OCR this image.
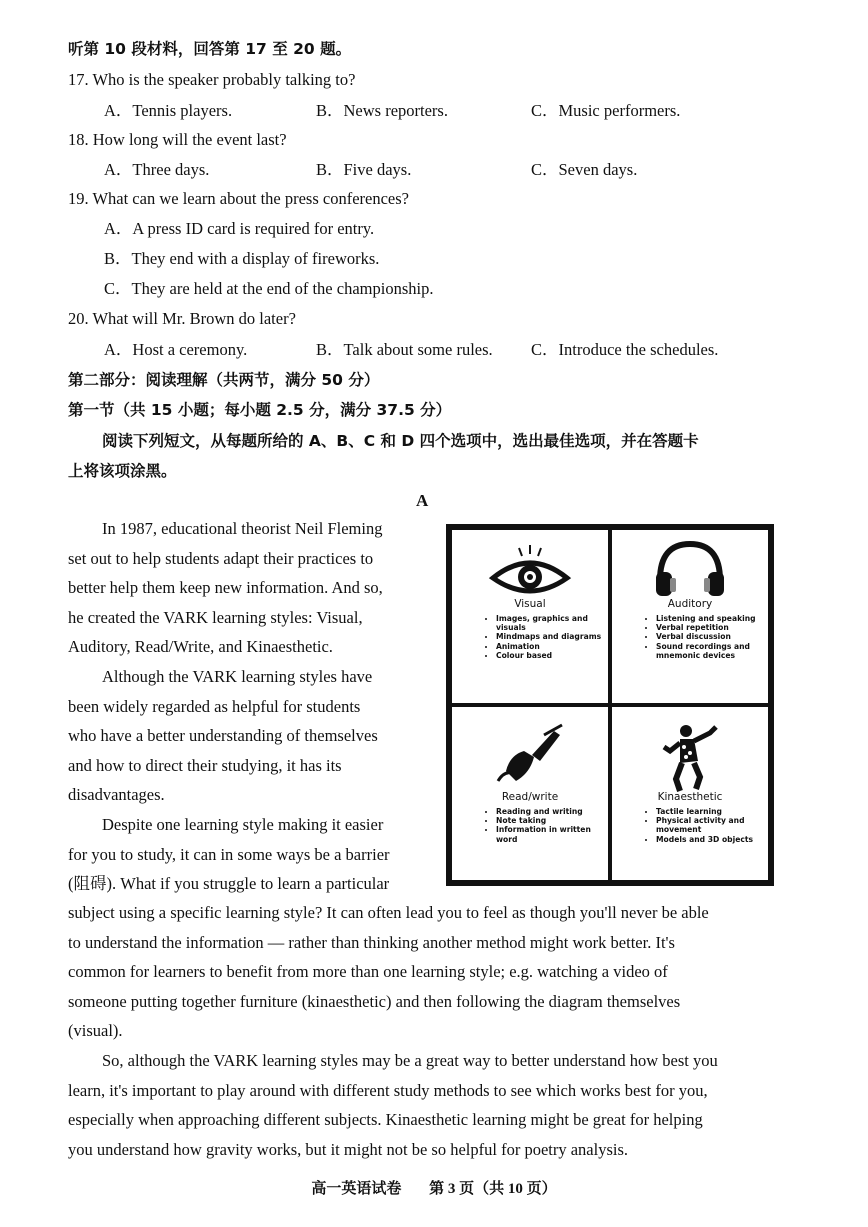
听第 10 段材料，回答第 17 至 20 题。
17. Who is the speaker probably talking to?
A．Tennis players.	B．News reporters.	C．Music performers.
18. How long will the event last?
A．Three days.	B．Five days.	C．Seven days.
19. What can we learn about the press conferences?
A．A press ID card is required for entry.
B．They end with a display of fireworks.
C．They are held at the end of the championship.
20. What will Mr. Brown do later?
A．Host a ceremony.	B．Talk about some rules. C．Introduce the schedules.
第二部分：阅读理解（共两节，满分 50 分）
第一节（共 15 小题；每小题 2.5 分，满分 37.5 分）
阅读下列短文，从每题所给的 A、B、C 和 D 四个选项中，选出最佳选项，并在答题卡
上将该项涂黑。
A
In 1987, educational theorist Neil Fleming
set out to help students adapt their practices to
better help them keep new information. And so,
he created the VARK learning styles: Visual,
Auditory, Read/Write, and Kinaesthetic.
Although the VARK learning styles have
been widely regarded as helpful for students
who have a better understanding of themselves
and how to direct their studying, it has its
disadvantages.
Despite one learning style making it easier
for you to study, it can in some ways be a barrier
(阻碍). What if you struggle to learn a particular
subject using a specific learning style? It can often lead you to feel as though you'll never be able
to understand the information — rather than thinking another method might work better. It's
common for learners to benefit from more than one learning style; e.g. watching a video of
someone putting together furniture (kinaesthetic) and then following the diagram themselves
(visual).
So, although the VARK learning styles may be a great way to better understand how best you
learn, it's important to play around with different study methods to see which works best for you,
especially when approaching different subjects. Kinaesthetic learning might be great for helping
you understand how gravity works, but it might not be so helpful for poetry analysis.
Visual
• Images, graphics and visuals
• Mindmaps and diagrams
• Animation
• Colour based
Auditory
• Listening and speaking
• Verbal repetition
• Verbal discussion
• Sound recordings and mnemonic devices
Read/write
• Reading and writing
• Note taking
• Information in written word
Kinaesthetic
• Tactile learning
• Physical activity and movement
• Models and 3D objects
高一英语试卷 第 3 页（共 10 页）
